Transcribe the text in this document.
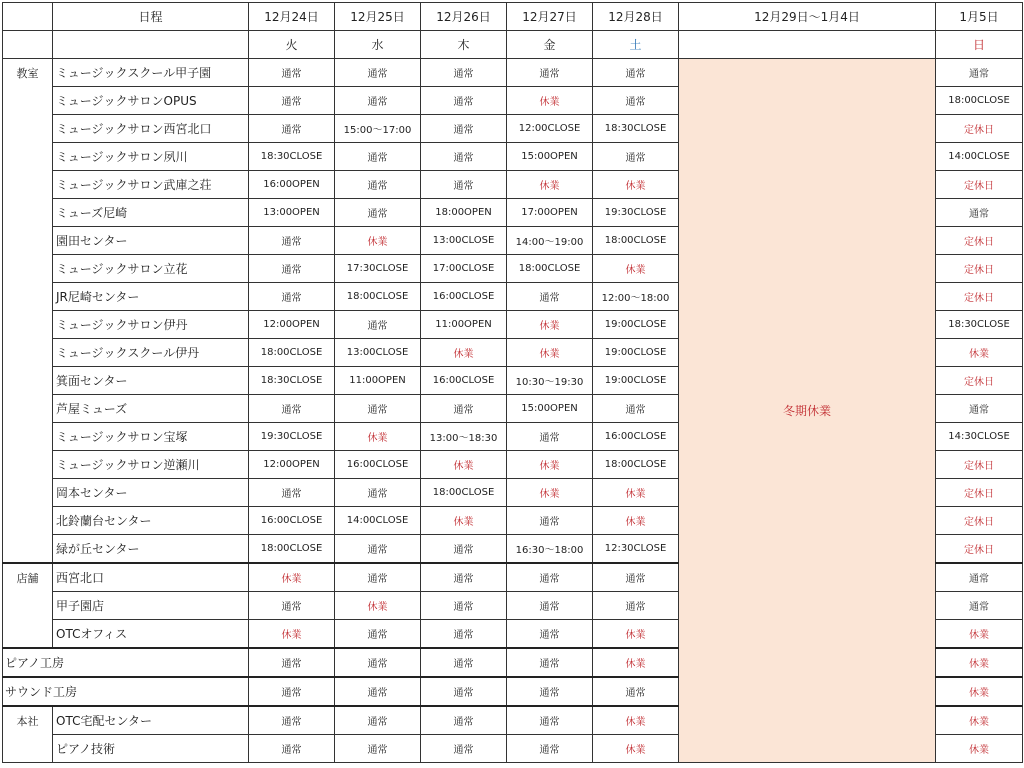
	日程	12月24日	12月25日	12月26日	12月27日	12月28日	12月29日～1月4日	1月5日
		火	水	木	金	土		日
教室	ミュージックスクール甲子園	通常	通常	通常	通常	通常	冬期休業	通常
	ミュージックサロンOPUS	通常	通常	通常	休業	通常		18:00CLOSE
	ミュージックサロン西宮北口	通常	15:00～17:00	通常	12:00CLOSE	18:30CLOSE		定休日
	ミュージックサロン夙川	18:30CLOSE	通常	通常	15:00OPEN	通常		14:00CLOSE
	ミュージックサロン武庫之荘	16:00OPEN	通常	通常	休業	休業		定休日
	ミューズ尼崎	13:00OPEN	通常	18:00OPEN	17:00OPEN	19:30CLOSE		通常
	園田センター	通常	休業	13:00CLOSE	14:00～19:00	18:00CLOSE		定休日
	ミュージックサロン立花	通常	17:30CLOSE	17:00CLOSE	18:00CLOSE	休業		定休日
	JR尼崎センター	通常	18:00CLOSE	16:00CLOSE	通常	12:00～18:00		定休日
	ミュージックサロン伊丹	12:00OPEN	通常	11:00OPEN	休業	19:00CLOSE		18:30CLOSE
	ミュージックスクール伊丹	18:00CLOSE	13:00CLOSE	休業	休業	19:00CLOSE		休業
	箕面センター	18:30CLOSE	11:00OPEN	16:00CLOSE	10:30～19:30	19:00CLOSE		定休日
	芦屋ミューズ	通常	通常	通常	15:00OPEN	通常		通常
	ミュージックサロン宝塚	19:30CLOSE	休業	13:00～18:30	通常	16:00CLOSE		14:30CLOSE
	ミュージックサロン逆瀬川	12:00OPEN	16:00CLOSE	休業	休業	18:00CLOSE		定休日
	岡本センター	通常	通常	18:00CLOSE	休業	休業		定休日
	北鈴蘭台センター	16:00CLOSE	14:00CLOSE	休業	通常	休業		定休日
	緑が丘センター	18:00CLOSE	通常	通常	16:30～18:00	12:30CLOSE		定休日
店舗	西宮北口	休業	通常	通常	通常	通常		通常
	甲子園店	通常	休業	通常	通常	通常		通常
	OTCオフィス	休業	通常	通常	通常	休業		休業
ピアノ工房		通常	通常	通常	通常	休業		休業
サウンド工房		通常	通常	通常	通常	通常		休業
本社	OTC宅配センター	通常	通常	通常	通常	休業		休業
	ピアノ技術	通常	通常	通常	通常	休業		休業
